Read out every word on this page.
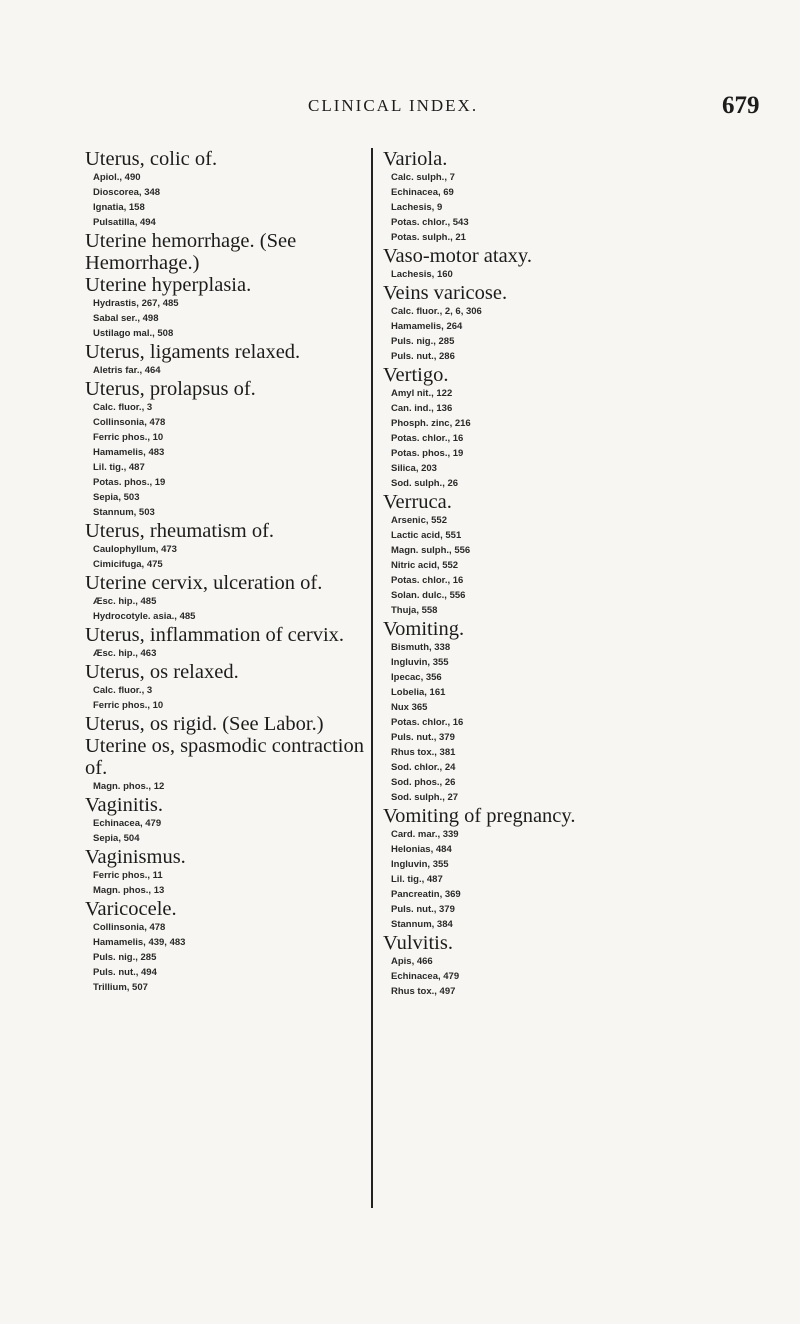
CLINICAL INDEX.	679
Uterus, colic of.
Apiol., 490
Dioscorea, 348
Ignatia, 158
Pulsatilla, 494
Uterine hemorrhage. (See Hemorrhage.)
Uterine hyperplasia.
Hydrastis, 267, 485
Sabal ser., 498
Ustilago mal., 508
Uterus, ligaments relaxed.
Aletris far., 464
Uterus, prolapsus of.
Calc. fluor., 3
Collinsonia, 478
Ferric phos., 10
Hamamelis, 483
Lil. tig., 487
Potas. phos., 19
Sepia, 503
Stannum, 503
Uterus, rheumatism of.
Caulophyllum, 473
Cimicifuga, 475
Uterine cervix, ulceration of.
Æsc. hip., 485
Hydrocotyle. asia., 485
Uterus, inflammation of cervix.
Æsc. hip., 463
Uterus, os relaxed.
Calc. fluor., 3
Ferric phos., 10
Uterus, os rigid. (See Labor.)
Uterine os, spasmodic contraction of.
Magn. phos., 12
Vaginitis.
Echinacea, 479
Sepia, 504
Vaginismus.
Ferric phos., 11
Magn. phos., 13
Varicocele.
Collinsonia, 478
Hamamelis, 439, 483
Puls. nig., 285
Puls. nut., 494
Trillium, 507
Variola.
Calc. sulph., 7
Echinacea, 69
Lachesis, 9
Potas. chlor., 543
Potas. sulph., 21
Vaso-motor ataxy.
Lachesis, 160
Veins varicose.
Calc. fluor., 2, 6, 306
Hamamelis, 264
Puls. nig., 285
Puls. nut., 286
Vertigo.
Amyl nit., 122
Can. ind., 136
Phosph. zinc, 216
Potas. chlor., 16
Potas. phos., 19
Silica, 203
Sod. sulph., 26
Verruca.
Arsenic, 552
Lactic acid, 551
Magn. sulph., 556
Nitric acid, 552
Potas. chlor., 16
Solan. dulc., 556
Thuja, 558
Vomiting.
Bismuth, 338
Ingluvin, 355
Ipecac, 356
Lobelia, 161
Nux 365
Potas. chlor., 16
Puls. nut., 379
Rhus tox., 381
Sod. chlor., 24
Sod. phos., 26
Sod. sulph., 27
Vomiting of pregnancy.
Card. mar., 339
Helonias, 484
Ingluvin, 355
Lil. tig., 487
Pancreatin, 369
Puls. nut., 379
Stannum, 384
Vulvitis.
Apis, 466
Echinacea, 479
Rhus tox., 497
